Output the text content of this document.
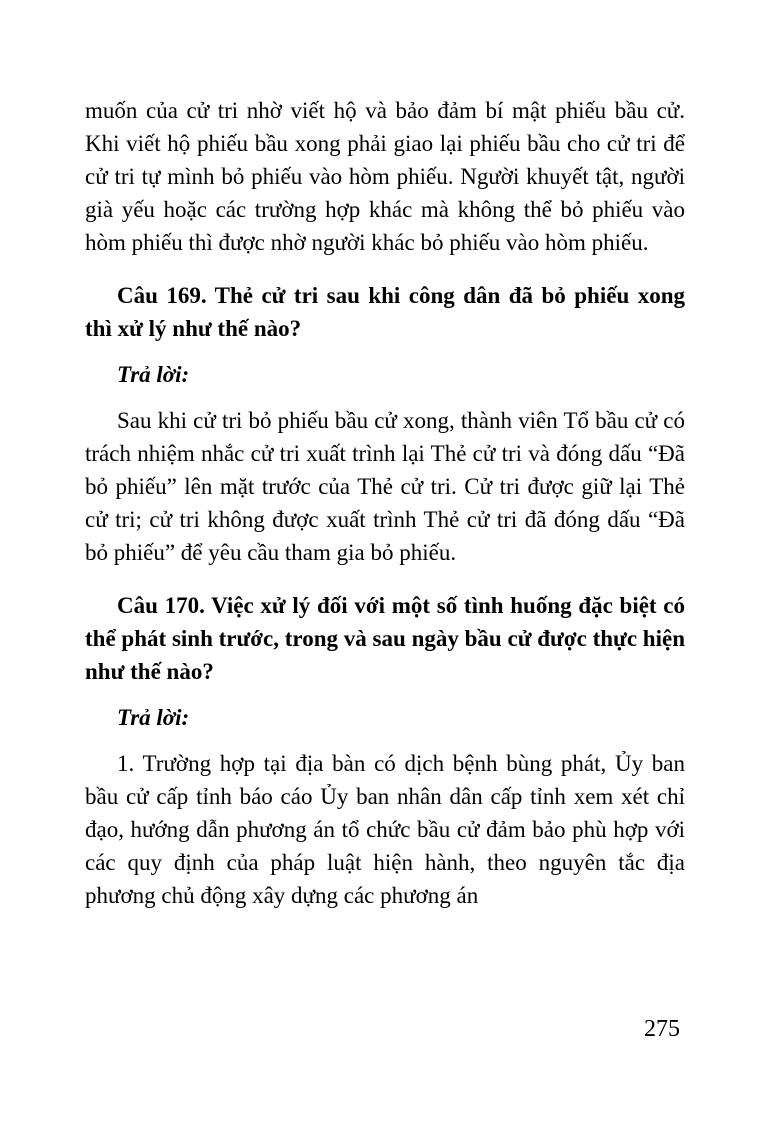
muốn của cử tri nhờ viết hộ và bảo đảm bí mật phiếu bầu cử. Khi viết hộ phiếu bầu xong phải giao lại phiếu bầu cho cử tri để cử tri tự mình bỏ phiếu vào hòm phiếu. Người khuyết tật, người già yếu hoặc các trường hợp khác mà không thể bỏ phiếu vào hòm phiếu thì được nhờ người khác bỏ phiếu vào hòm phiếu.

Câu 169. Thẻ cử tri sau khi công dân đã bỏ phiếu xong thì xử lý như thế nào?

Trả lời:

Sau khi cử tri bỏ phiếu bầu cử xong, thành viên Tổ bầu cử có trách nhiệm nhắc cử tri xuất trình lại Thẻ cử tri và đóng dấu “Đã bỏ phiếu” lên mặt trước của Thẻ cử tri. Cử tri được giữ lại Thẻ cử tri; cử tri không được xuất trình Thẻ cử tri đã đóng dấu “Đã bỏ phiếu” để yêu cầu tham gia bỏ phiếu.

Câu 170. Việc xử lý đối với một số tình huống đặc biệt có thể phát sinh trước, trong và sau ngày bầu cử được thực hiện như thế nào?

Trả lời:

1. Trường hợp tại địa bàn có dịch bệnh bùng phát, Ủy ban bầu cử cấp tỉnh báo cáo Ủy ban nhân dân cấp tỉnh xem xét chỉ đạo, hướng dẫn phương án tổ chức bầu cử đảm bảo phù hợp với các quy định của pháp luật hiện hành, theo nguyên tắc địa phương chủ động xây dựng các phương án

275
